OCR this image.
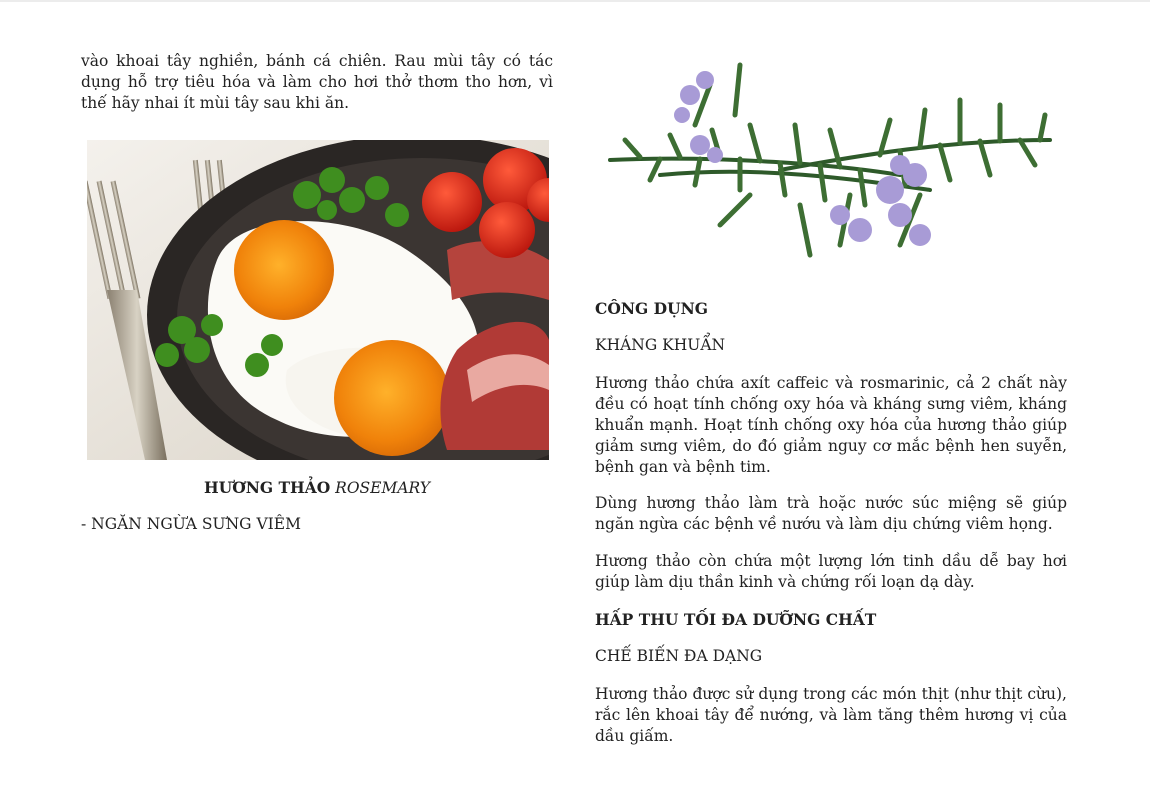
vào khoai tây nghiền, bánh cá chiên. Rau mùi tây có tác dụng hỗ trợ tiêu hóa và làm cho hơi thở thơm tho hơn, vì thế hãy nhai ít mùi tây sau khi ăn.

HƯƠNG THẢO ROSEMARY
- NGĂN NGỪA SƯNG VIÊM

CÔNG DỤNG

KHÁNG KHUẨN

Hương thảo chứa axít caffeic và rosmarinic, cả 2 chất này đều có hoạt tính chống oxy hóa và kháng sưng viêm, kháng khuẩn mạnh. Hoạt tính chống oxy hóa của hương thảo giúp giảm sưng viêm, do đó giảm nguy cơ mắc bệnh hen suyễn, bệnh gan và bệnh tim.

Dùng hương thảo làm trà hoặc nước súc miệng sẽ giúp ngăn ngừa các bệnh về nướu và làm dịu chứng viêm họng.

Hương thảo còn chứa một lượng lớn tinh dầu dễ bay hơi giúp làm dịu thần kinh và chứng rối loạn dạ dày.

HẤP THU TỐI ĐA DƯỠNG CHẤT

CHẾ BIẾN ĐA DẠNG

Hương thảo được sử dụng trong các món thịt (như thịt cừu), rắc lên khoai tây để nướng, và làm tăng thêm hương vị của dầu giấm.
